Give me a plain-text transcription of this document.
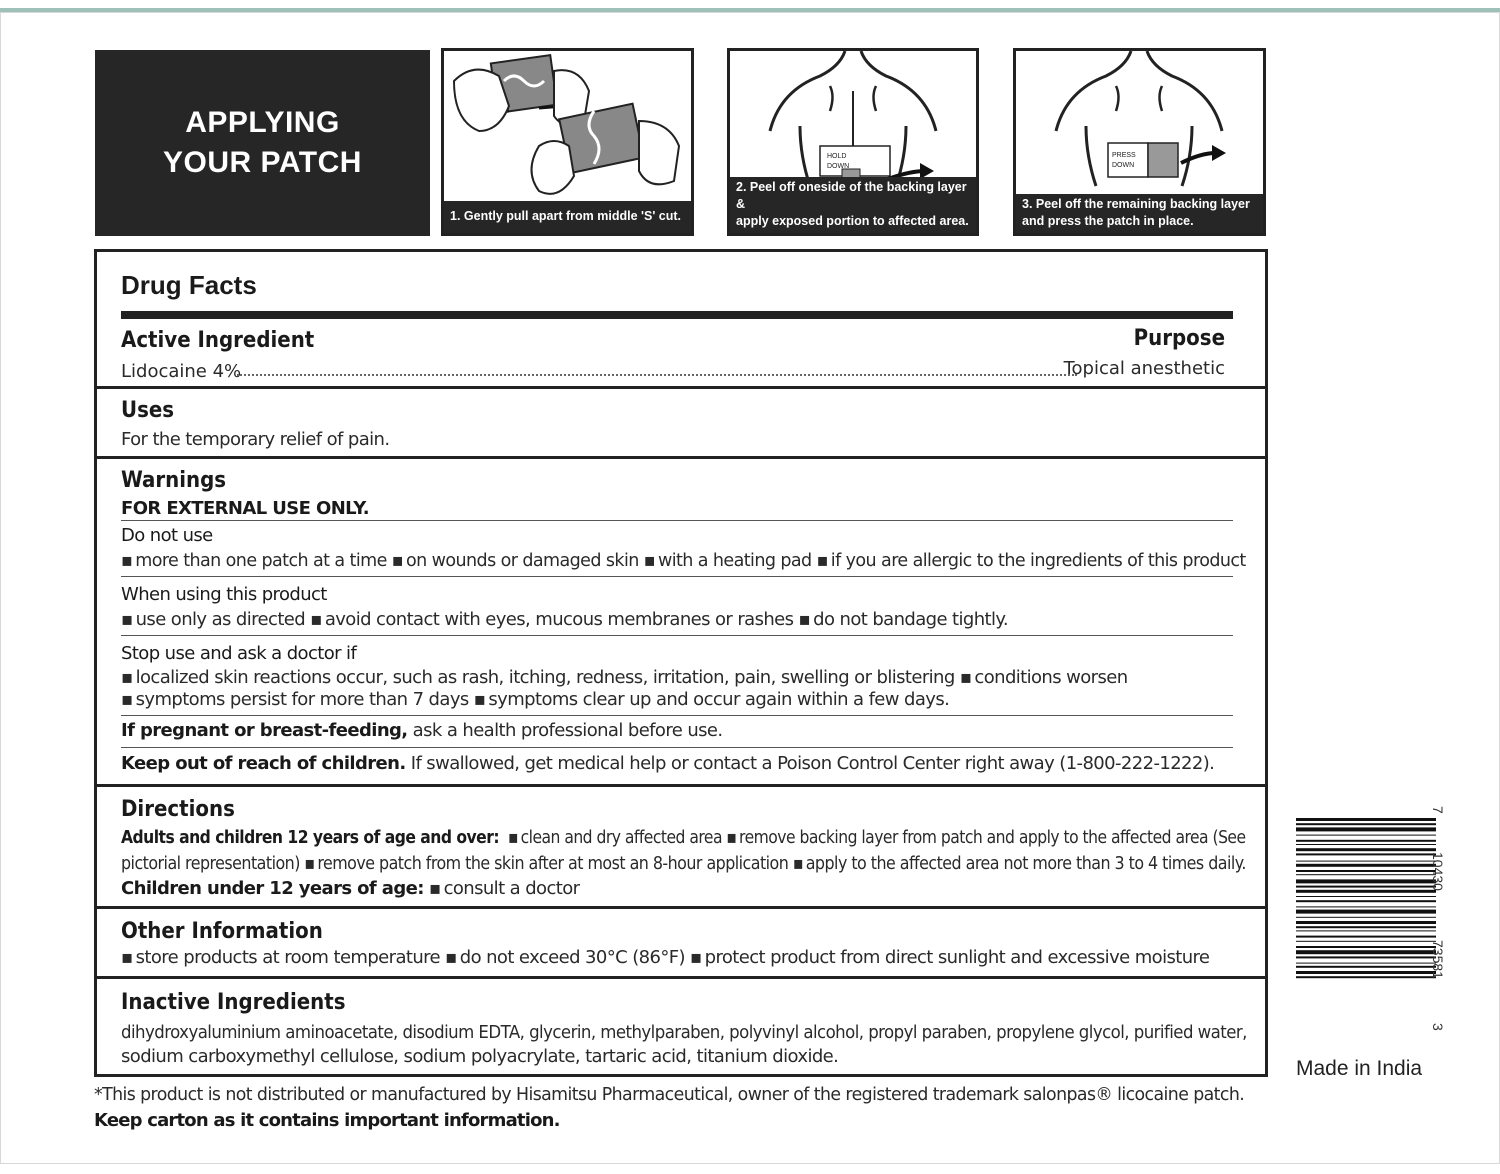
APPLYING
YOUR PATCH
1. Gently pull apart from middle 'S' cut.
HOLD
DOWN
2. Peel off oneside of the backing layer &
apply exposed portion to affected area.
PRESS
DOWN
3. Peel off the remaining backing layer
and press the patch in place.
Drug Facts
Active Ingredient	Purpose
Lidocaine 4%	Topical anesthetic
Uses
For the temporary relief of pain.
Warnings
FOR EXTERNAL USE ONLY.
Do not use
▪ more than one patch at a time ▪ on wounds or damaged skin ▪ with a heating pad ▪ if you are allergic to the ingredients of this product
When using this product
▪ use only as directed ▪ avoid contact with eyes, mucous membranes or rashes ▪ do not bandage tightly.
Stop use and ask a doctor if
▪ localized skin reactions occur, such as rash, itching, redness, irritation, pain, swelling or blistering ▪ conditions worsen
▪ symptoms persist for more than 7 days ▪ symptoms clear up and occur again within a few days.
If pregnant or breast-feeding, ask a health professional before use.
Keep out of reach of children. If swallowed, get medical help or contact a Poison Control Center right away (1-800-222-1222).
Directions
Adults and children 12 years of age and over: ▪ clean and dry affected area ▪ remove backing layer from patch and apply to the affected area (See
pictorial representation) ▪ remove patch from the skin after at most an 8-hour application ▪ apply to the affected area not more than 3 to 4 times daily.
Children under 12 years of age: ▪ consult a doctor
Other Information
▪ store products at room temperature ▪ do not exceed 30°C (86°F) ▪ protect product from direct sunlight and excessive moisture
Inactive Ingredients
dihydroxyaluminium aminoacetate, disodium EDTA, glycerin, methylparaben, polyvinyl alcohol, propyl paraben, propylene glycol, purified water,
sodium carboxymethyl cellulose, sodium polyacrylate, tartaric acid, titanium dioxide.
7
10430
73581
3
Made in India
*This product is not distributed or manufactured by Hisamitsu Pharmaceutical, owner of the registered trademark salonpas® licocaine patch.
Keep carton as it contains important information.
